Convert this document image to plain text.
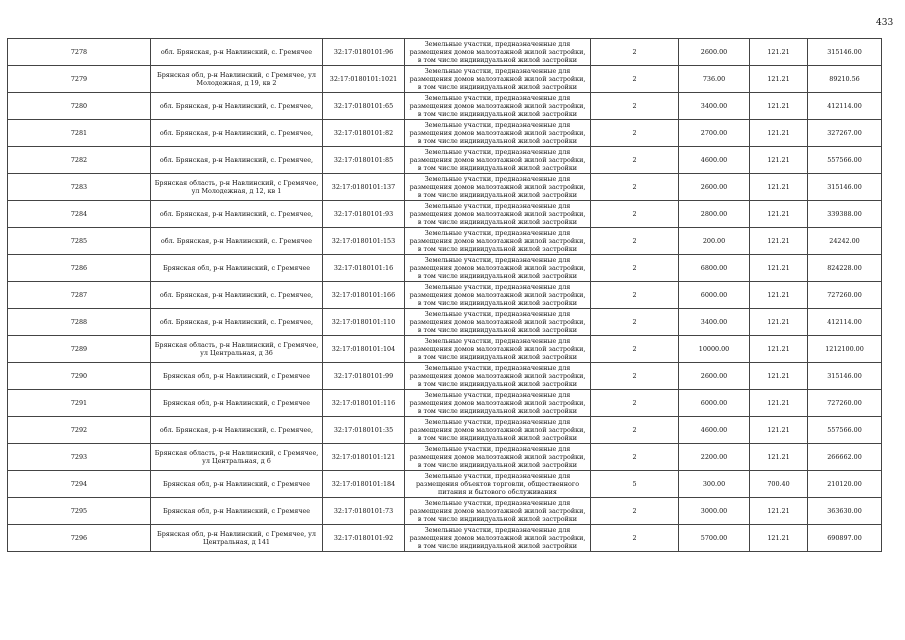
433
7278	обл. Брянская, р-н Навлинский, с. Гремячее	32:17:0180101:96	Земельные участки, предназначенные для размещения домов малоэтажной жилой застройки, в том числе индивидуальной жилой застройки	2	2600.00	121.21	315146.00
7279	Брянская обл, р-н Навлинский, с Гремячее, ул Молодежная, д 19, кв 2	32:17:0180101:1021	Земельные участки, предназначенные для размещения домов малоэтажной жилой застройки, в том числе индивидуальной жилой застройки	2	736.00	121.21	89210.56
7280	обл. Брянская, р-н Навлинский, с. Гремячее,	32:17:0180101:65	Земельные участки, предназначенные для размещения домов малоэтажной жилой застройки, в том числе индивидуальной жилой застройки	2	3400.00	121.21	412114.00
7281	обл. Брянская, р-н Навлинский, с. Гремячее,	32:17:0180101:82	Земельные участки, предназначенные для размещения домов малоэтажной жилой застройки, в том числе индивидуальной жилой застройки	2	2700.00	121.21	327267.00
7282	обл. Брянская, р-н Навлинский, с. Гремячее,	32:17:0180101:85	Земельные участки, предназначенные для размещения домов малоэтажной жилой застройки, в том числе индивидуальной жилой застройки	2	4600.00	121.21	557566.00
7283	Брянская область, р-н Навлинский, с Гремячее, ул Молодежная, д 12, кв 1	32:17:0180101:137	Земельные участки, предназначенные для размещения домов малоэтажной жилой застройки, в том числе индивидуальной жилой застройки	2	2600.00	121.21	315146.00
7284	обл. Брянская, р-н Навлинский, с. Гремячее,	32:17:0180101:93	Земельные участки, предназначенные для размещения домов малоэтажной жилой застройки, в том числе индивидуальной жилой застройки	2	2800.00	121.21	339388.00
7285	обл. Брянская, р-н Навлинский, с. Гремячее	32:17:0180101:153	Земельные участки, предназначенные для размещения домов малоэтажной жилой застройки, в том числе индивидуальной жилой застройки	2	200.00	121.21	24242.00
7286	Брянская обл, р-н Навлинский, с Гремячее	32:17:0180101:16	Земельные участки, предназначенные для размещения домов малоэтажной жилой застройки, в том числе индивидуальной жилой застройки	2	6800.00	121.21	824228.00
7287	обл. Брянская, р-н Навлинский, с. Гремячее,	32:17:0180101:166	Земельные участки, предназначенные для размещения домов малоэтажной жилой застройки, в том числе индивидуальной жилой застройки	2	6000.00	121.21	727260.00
7288	обл. Брянская, р-н Навлинский, с. Гремячее,	32:17:0180101:110	Земельные участки, предназначенные для размещения домов малоэтажной жилой застройки, в том числе индивидуальной жилой застройки	2	3400.00	121.21	412114.00
7289	Брянская область, р-н Навлинский, с Гремячее, ул Центральная, д 36	32:17:0180101:104	Земельные участки, предназначенные для размещения домов малоэтажной жилой застройки, в том числе индивидуальной жилой застройки	2	10000.00	121.21	1212100.00
7290	Брянская обл, р-н Навлинский, с Гремячее	32:17:0180101:99	Земельные участки, предназначенные для размещения домов малоэтажной жилой застройки, в том числе индивидуальной жилой застройки	2	2600.00	121.21	315146.00
7291	Брянская обл, р-н Навлинский, с Гремячее	32:17:0180101:116	Земельные участки, предназначенные для размещения домов малоэтажной жилой застройки, в том числе индивидуальной жилой застройки	2	6000.00	121.21	727260.00
7292	обл. Брянская, р-н Навлинский, с. Гремячее,	32:17:0180101:35	Земельные участки, предназначенные для размещения домов малоэтажной жилой застройки, в том числе индивидуальной жилой застройки	2	4600.00	121.21	557566.00
7293	Брянская область, р-н Навлинский, с Гремячее, ул Центральная, д 6	32:17:0180101:121	Земельные участки, предназначенные для размещения домов малоэтажной жилой застройки, в том числе индивидуальной жилой застройки	2	2200.00	121.21	266662.00
7294	Брянская обл, р-н Навлинский, с Гремячее	32:17:0180101:184	Земельные участки, предназначенные для размещения объектов торговли, общественного питания и бытового обслуживания	5	300.00	700.40	210120.00
7295	Брянская обл, р-н Навлинский, с Гремячее	32:17:0180101:73	Земельные участки, предназначенные для размещения домов малоэтажной жилой застройки, в том числе индивидуальной жилой застройки	2	3000.00	121.21	363630.00
7296	Брянская обл, р-н Навлинский, с Гремячее, ул Центральная, д 141	32:17:0180101:92	Земельные участки, предназначенные для размещения домов малоэтажной жилой застройки, в том числе индивидуальной жилой застройки	2	5700.00	121.21	690897.00
